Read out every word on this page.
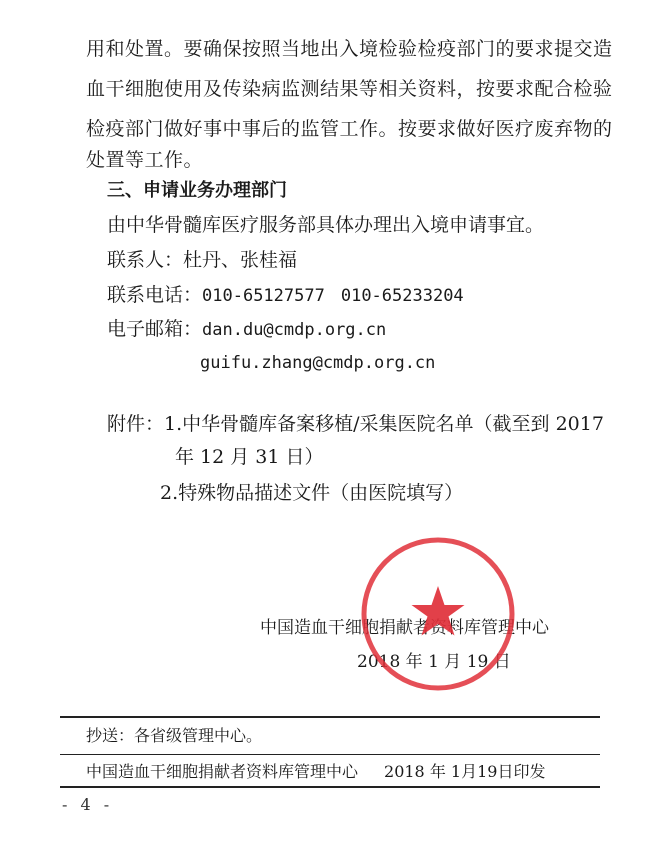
用和处置。要确保按照当地出入境检验检疫部门的要求提交造
血干细胞使用及传染病监测结果等相关资料，按要求配合检验
检疫部门做好事中事后的监管工作。按要求做好医疗废弃物的
处置等工作。
三、申请业务办理部门
由中华骨髓库医疗服务部具体办理出入境申请事宜。
联系人：杜丹、张桂福
联系电话：010-65127577 010-65233204
电子邮箱：dan.du@cmdp.org.cn
guifu.zhang@cmdp.org.cn
附件：1.中华骨髓库备案移植/采集医院名单（截至到 2017
年 12 月 31 日）
2.特殊物品描述文件（由医院填写）
中国造血干细胞捐献者资料库管理中心
2018 年 1 月 19 日
抄送：各省级管理中心。
中国造血干细胞捐献者资料库管理中心 2018 年 1月19日印发
- 4 -
